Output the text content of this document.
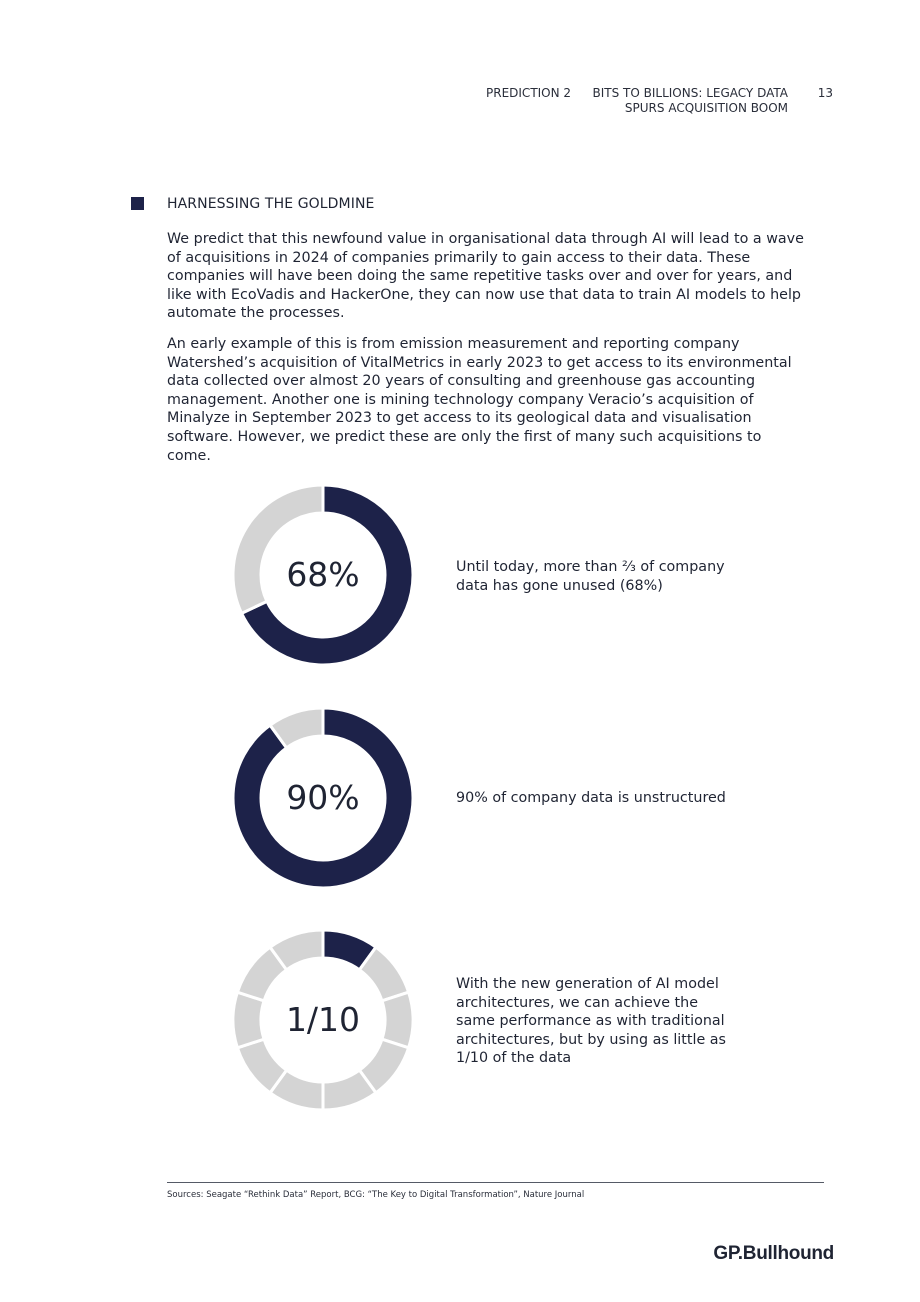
PREDICTION 2 BITS TO BILLIONS: LEGACY DATA
SPURS ACQUISITION BOOM
13
HARNESSING THE GOLDMINE

We predict that this newfound value in organisational data through AI will lead to a wave of acquisitions in 2024 of companies primarily to gain access to their data. These companies will have been doing the same repetitive tasks over and over for years, and like with EcoVadis and HackerOne, they can now use that data to train AI models to help automate the processes.

An early example of this is from emission measurement and reporting company Watershed’s acquisition of VitalMetrics in early 2023 to get access to its environmental data collected over almost 20 years of consulting and greenhouse gas accounting management. Another one is mining technology company Veracio’s acquisition of Minalyze in September 2023 to get access to its geological data and visualisation software. However, we predict these are only the first of many such acquisitions to come.

68%	Until today, more than ⅔ of company data has gone unused (68%)
90%	90% of company data is unstructured
1/10
With the new generation of AI model architectures, we can achieve the same performance as with traditional architectures, but by using as little as 1/10 of the data
Sources: Seagate “Rethink Data” Report, BCG: “The Key to Digital Transformation”, Nature Journal
GP.Bullhound
